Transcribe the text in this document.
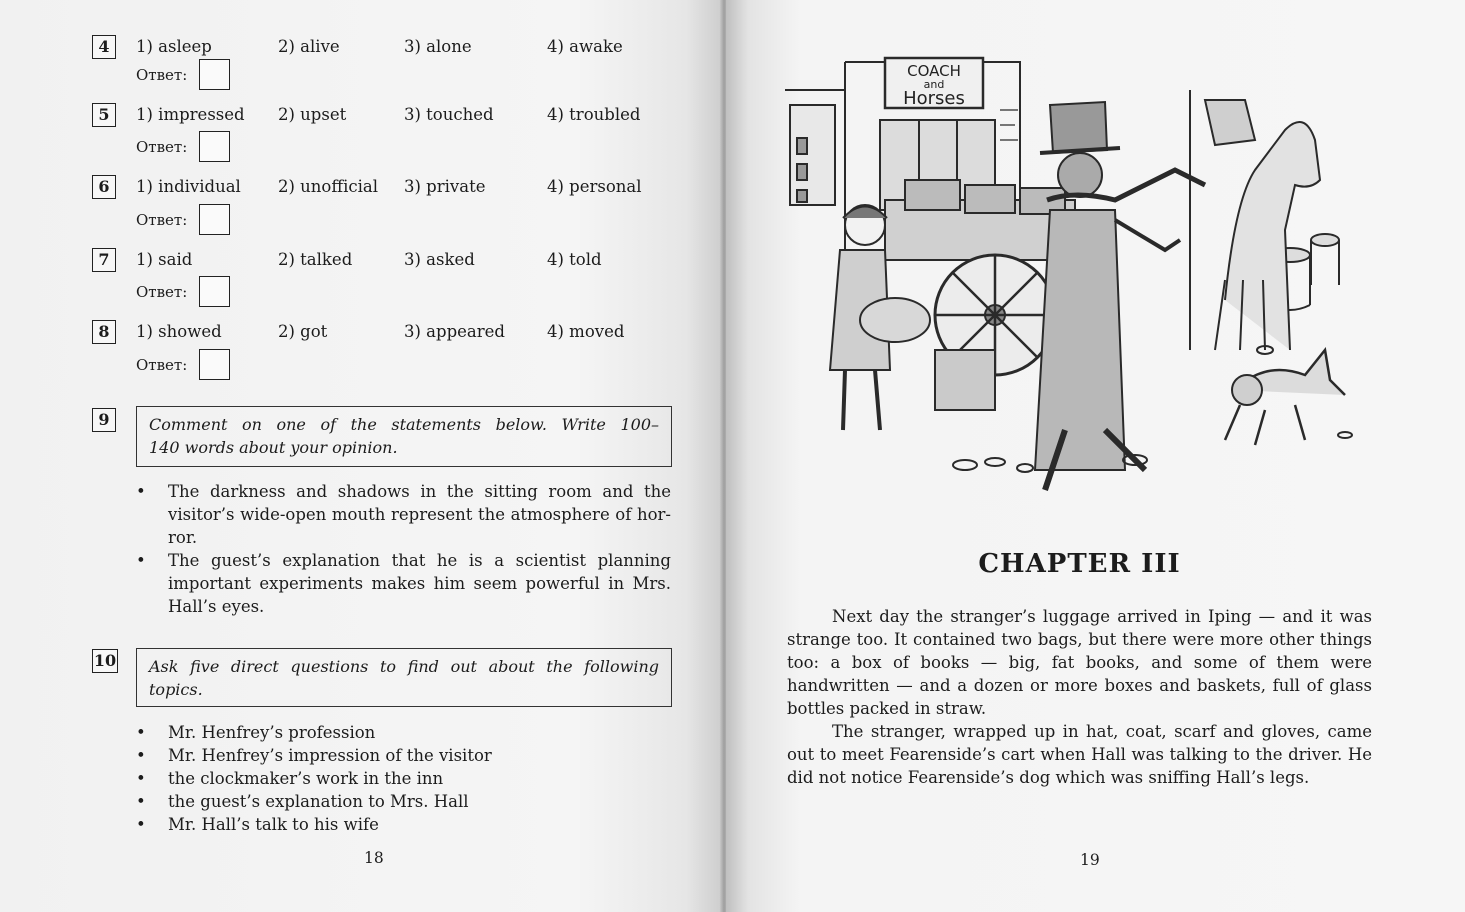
4	1) asleep	2) alive	3) alone	4) awake
Ответ:
5	1) impressed 2) upset	3) touched	4) troubled
Ответ:
6	1) individual 2) unofficial 3) private	4) personal
Ответ:
7	1) said	2) talked	3) asked	4) told
Ответ:
8	1) showed	2) got	3) appeared	4) moved
Ответ:
9	Comment on one of the statements below. Write 100–
140 words about your opinion.
• The darkness and shadows in the sitting room and the visitor’s wide-open mouth represent the atmosphere of hor-ror.
• The guest’s explanation that he is a scientist planning important experiments makes him seem powerful in Mrs. Hall’s eyes.
10 Ask five direct questions to find out about the following
topics.
• Mr. Henfrey’s profession
• Mr. Henfrey’s impression of the visitor
• the clockmaker’s work in the inn
• the guest’s explanation to Mrs. Hall
• Mr. Hall’s talk to his wife
18
COACH
and
Horses
CHAPTER III

Next day the stranger’s luggage arrived in Iping — and it was strange too. It contained two bags, but there were more other things too: a box of books — big, fat books, and some of them were handwritten — and a dozen or more boxes and baskets, full of glass bottles packed in straw.

The stranger, wrapped up in hat, coat, scarf and gloves, came out to meet Fearenside’s cart when Hall was talking to the driver. He did not notice Fearenside’s dog which was sniffing Hall’s legs.

19
